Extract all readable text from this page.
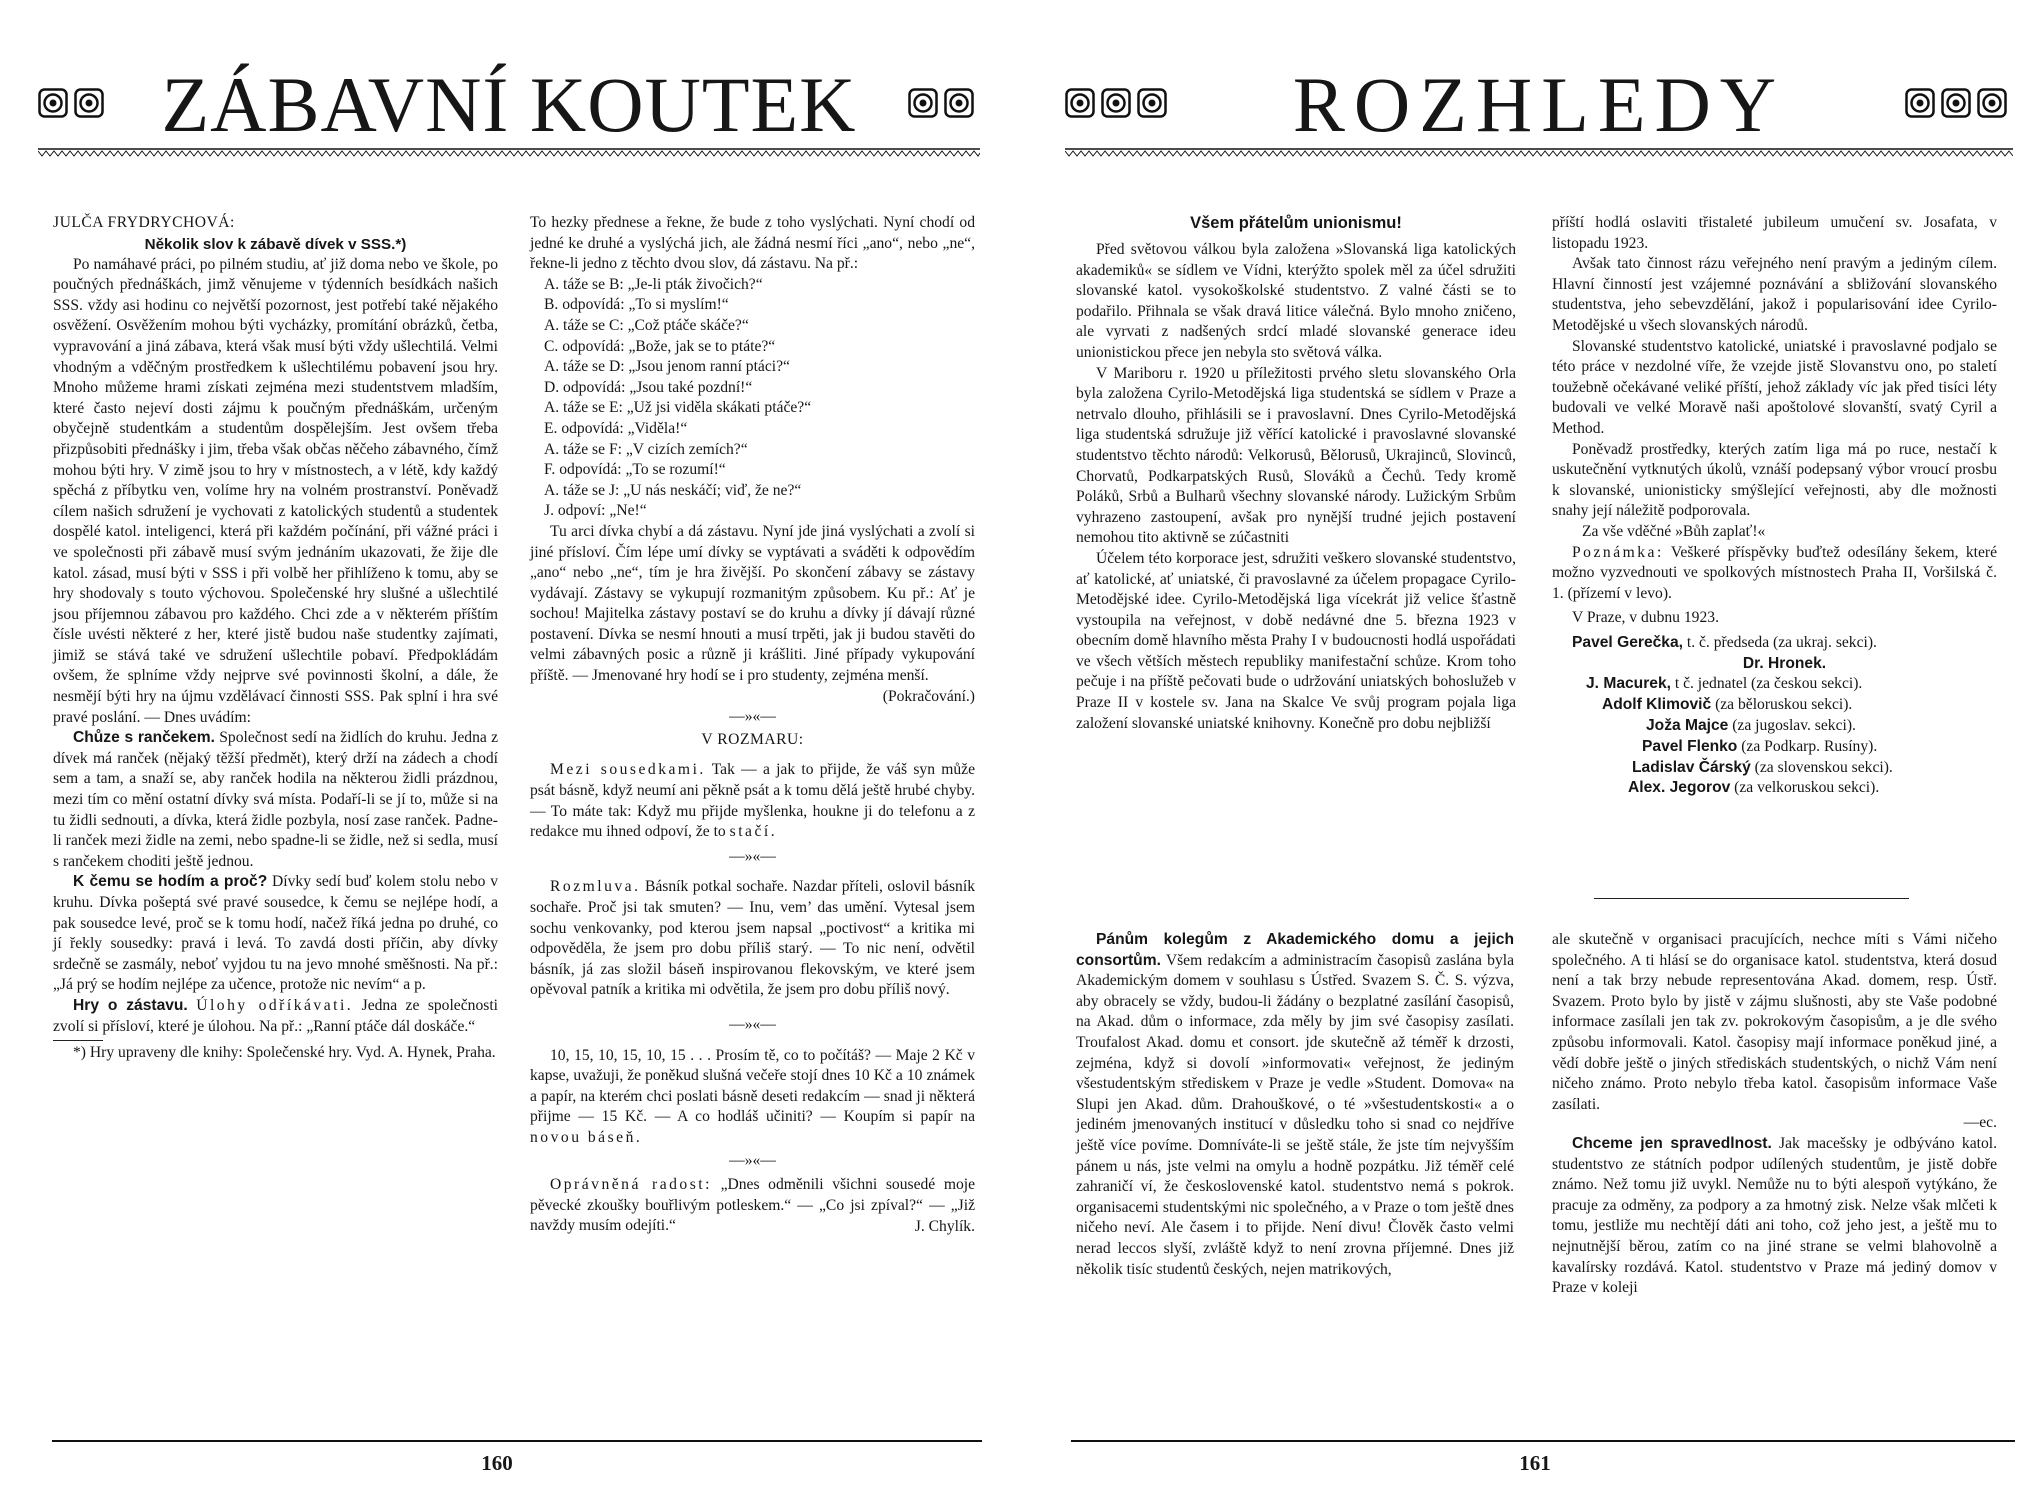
ZÁBAVNÍ KOUTEK

JULČA FRYDRYCHOVÁ:

Několik slov k zábavě dívek v SSS.*)

Po namáhavé práci, po pilném studiu, ať již doma nebo ve škole, po poučných přednáškách, jimž věnujeme v týdenních besídkách našich SSS. vždy asi hodinu co největší pozornost, jest potřebí také nějakého osvěžení. Osvěžením mohou býti vycházky, promítání obrázků, četba, vypravování a jiná zábava, která však musí býti vždy ušlechtilá. Velmi vhodným a vděčným prostředkem k ušlechtilému pobavení jsou hry. Mnoho můžeme hrami získati zejména mezi studentstvem mladším, které často nejeví dosti zájmu k poučným přednáškám, určeným obyčejně studentkám a studentům dospělejším. Jest ovšem třeba přizpůsobiti přednášky i jim, třeba však občas něčeho zábavného, čímž mohou býti hry. V zimě jsou to hry v místnostech, a v létě, kdy každý spěchá z příbytku ven, volíme hry na volném prostranství. Poněvadž cílem našich sdružení je vychovati z katolických studentů a studentek dospělé katol. inteligenci, která při každém počínání, při vážné práci i ve společnosti při zábavě musí svým jednáním ukazovati, že žije dle katol. zásad, musí býti v SSS i při volbě her přihlíženo k tomu, aby se hry shodovaly s touto výchovou. Společenské hry slušné a ušlechtilé jsou příjemnou zábavou pro každého. Chci zde a v některém příštím čísle uvésti některé z her, které jistě budou naše studentky zajímati, jimiž se stává také ve sdružení ušlechtile pobaví. Předpokládám ovšem, že splníme vždy nejprve své povinnosti školní, a dále, že nesmějí býti hry na újmu vzdělávací činnosti SSS. Pak splní i hra své pravé poslání. — Dnes uvádím:

Chůze s rančekem. Společnost sedí na židlích do kruhu. Jedna z dívek má ranček (nějaký těžší předmět), který drží na zádech a chodí sem a tam, a snaží se, aby ranček hodila na některou židli prázdnou, mezi tím co mění ostatní dívky svá místa. Podaří-li se jí to, může si na tu židli sednouti, a dívka, která židle pozbyla, nosí zase ranček. Padne-li ranček mezi židle na zemi, nebo spadne-li se židle, než si sedla, musí s rančekem choditi ještě jednou.

K čemu se hodím a proč? Dívky sedí buď kolem stolu nebo v kruhu. Dívka pošeptá své pravé sousedce, k čemu se nejlépe hodí, a pak sousedce levé, proč se k tomu hodí, načež říká jedna po druhé, co jí řekly sousedky: pravá i levá. To zavdá dosti příčin, aby dívky srdečně se zasmály, neboť vyjdou tu na jevo mnohé směšnosti. Na př.: „Já prý se hodím nejlépe za učence, protože nic nevím“ a p.

Hry o zástavu. Úlohy odříkávati. Jedna ze společnosti zvolí si přísloví, které je úlohou. Na př.: „Ranní ptáče dál doskáče.“

*) Hry upraveny dle knihy: Společenské hry. Vyd. A. Hynek, Praha.

To hezky přednese a řekne, že bude z toho vyslýchati. Nyní chodí od jedné ke druhé a vyslýchá jich, ale žádná nesmí říci „ano“, nebo „ne“, řekne-li jedno z těchto dvou slov, dá zástavu. Na př.:

A. táže se B: „Je-li pták živočich?“

B. odpovídá: „To si myslím!“

A. táže se C: „Což ptáče skáče?“

C. odpovídá: „Bože, jak se to ptáte?“

A. táže se D: „Jsou jenom ranní ptáci?“

D. odpovídá: „Jsou také pozdní!“

A. táže se E: „Už jsi viděla skákati ptáče?“

E. odpovídá: „Viděla!“

A. táže se F: „V cizích zemích?“

F. odpovídá: „To se rozumí!“

A. táže se J: „U nás neskáčí; viď, že ne?“

J. odpoví: „Ne!“

Tu arci dívka chybí a dá zástavu. Nyní jde jiná vyslýchati a zvolí si jiné přísloví. Čím lépe umí dívky se vyptávati a sváděti k odpovědím „ano“ nebo „ne“, tím je hra živější. Po skončení zábavy se zástavy vydávají. Zástavy se vykupují rozmanitým způsobem. Ku př.: Ať je sochou! Majitelka zástavy postaví se do kruhu a dívky jí dávají různé postavení. Dívka se nesmí hnouti a musí trpěti, jak ji budou stavěti do velmi zábavných posic a různě ji krášliti. Jiné případy vykupování příště. — Jmenované hry hodí se i pro studenty, zejména menší.

(Pokračování.)

—»«—

V ROZMARU:

Mezi sousedkami. Tak — a jak to přijde, že váš syn může psát básně, když neumí ani pěkně psát a k tomu dělá ještě hrubé chyby. — To máte tak: Když mu přijde myšlenka, houkne ji do telefonu a z redakce mu ihned odpoví, že to stačí.

—»«—

Rozmluva. Básník potkal sochaře. Nazdar příteli, oslovil básník sochaře. Proč jsi tak smuten? — Inu, vem’ das umění. Vytesal jsem sochu venkovanky, pod kterou jsem napsal „poctivost“ a kritika mi odpověděla, že jsem pro dobu příliš starý. — To nic není, odvětil básník, já zas složil báseň inspirovanou flekovským, ve které jsem opěvoval patník a kritika mi odvětila, že jsem pro dobu příliš nový.

—»«—

10, 15, 10, 15, 10, 15 . . . Prosím tě, co to počítáš? — Maje 2 Kč v kapse, uvažuji, že poněkud slušná večeře stojí dnes 10 Kč a 10 známek a papír, na kterém chci poslati básně deseti redakcím — snad ji některá přijme — 15 Kč. — A co hodláš učiniti? — Koupím si papír na novou báseň.

—»«—

Oprávněná radost: „Dnes odměnili všichni sousedé moje pěvecké zkoušky bouřlivým potleskem.“ — „Co jsi zpíval?“ — „Již navždy musím odejíti.“	J. Chylík.

160
ROZHLEDY
Všem přátelům unionismu!

Před světovou válkou byla založena »Slovanská liga katolických akademiků« se sídlem ve Vídni, kterýžto spolek měl za účel sdružiti slovanské katol. vysokoškolské studentstvo. Z valné části se to podařilo. Přihnala se však dravá litice válečná. Bylo mnoho zničeno, ale vyrvati z nadšených srdcí mladé slovanské generace ideu unionistickou přece jen nebyla sto světová válka.

V Mariboru r. 1920 u příležitosti prvého sletu slovanského Orla byla založena Cyrilo-Metodějská liga studentská se sídlem v Praze a netrvalo dlouho, přihlásili se i pravoslavní. Dnes Cyrilo-Metodějská liga studentská sdružuje již věřící katolické i pravoslavné slovanské studentstvo těchto národů: Velkorusů, Bělorusů, Ukrajinců, Slovinců, Chorvatů, Podkarpatských Rusů, Slováků a Čechů. Tedy kromě Poláků, Srbů a Bulharů všechny slovanské národy. Lužickým Srbům vyhrazeno zastoupení, avšak pro nynější trudné jejich postavení nemohou tito aktivně se zúčastniti

Účelem této korporace jest, sdružiti veškero slovanské studentstvo, ať katolické, ať uniatské, či pravoslavné za účelem propagace Cyrilo-Metodějské idee. Cyrilo-Metodějská liga vícekrát již velice šťastně vystoupila na veřejnost, v době nedávné dne 5. března 1923 v obecním domě hlavního města Prahy I v budoucnosti hodlá uspořádati ve všech větších městech republiky manifestační schůze. Krom toho pečuje i na příště pečovati bude o udržování uniatských bohoslužeb v Praze II v kostele sv. Jana na Skalce Ve svůj program pojala liga založení slovanské uniatské knihovny. Konečně pro dobu nejbližší

příští hodlá oslaviti třistaleté jubileum umučení sv. Josafata, v listopadu 1923.

Avšak tato činnost rázu veřejného není pravým a jediným cílem. Hlavní činností jest vzájemné poznávání a sbližování slovanského studentstva, jeho sebevzdělání, jakož i popularisování idee Cyrilo-Metodějské u všech slovanských národů.

Slovanské studentstvo katolické, uniatské i pravoslavné podjalo se této práce v nezdolné víře, že vzejde jistě Slovanstvu ono, po staletí toužebně očekávané veliké příští, jehož základy víc jak před tisíci léty budovali ve velké Moravě naši apoštolové slovanští, svatý Cyril a Method.

Poněvadž prostředky, kterých zatím liga má po ruce, nestačí k uskutečnění vytknutých úkolů, vznáší podepsaný výbor vroucí prosbu k slovanské, unionisticky smýšlející veřejnosti, aby dle možnosti snahy její náležitě podporovala.

Za vše vděčné »Bůh zaplať!«

Poznámka: Veškeré příspěvky buďtež odesílány šekem, které možno vyzvednouti ve spolkových místnostech Praha II, Voršilská č. 1. (přízemí v levo).

V Praze, v dubnu 1923.

Pavel Gerečka, t. č. předseda (za ukraj. sekci).

Dr. Hronek.

J. Macurek, t č. jednatel (za českou sekci).

Adolf Klimovič (za běloruskou sekci).

Joža Majce (za jugoslav. sekci).

Pavel Flenko (za Podkarp. Rusíny).

Ladislav Čárský (za slovenskou sekci).

Alex. Jegorov (za velkoruskou sekci).

Pánům kolegům z Akademického domu a jejich consortům. Všem redakcím a administracím časopisů zaslána byla Akademickým domem v souhlasu s Ústřed. Svazem S. Č. S. výzva, aby obracely se vždy, budou-li žádány o bezplatné zasílání časopisů, na Akad. dům o informace, zda měly by jim své časopisy zasílati. Troufalost Akad. domu et consort. jde skutečně až téměř k drzosti, zejména, když si dovolí »informovati« veřejnost, že jediným všestudentským střediskem v Praze je vedle »Student. Domova« na Slupi jen Akad. dům. Drahouškové, o té »všestudentskosti« a o jediném jmenovaných institucí v důsledku toho si snad co nejdříve ještě více povíme. Domníváte-li se ještě stále, že jste tím nejvyšším pánem u nás, jste velmi na omylu a hodně pozpátku. Již téměř celé zahraničí ví, že československé katol. studentstvo nemá s pokrok. organisacemi studentskými nic společného, a v Praze o tom ještě dnes ničeho neví. Ale časem i to přijde. Není divu! Člověk často velmi nerad leccos slyší, zvláště když to není zrovna příjemné. Dnes již několik tisíc studentů českých, nejen matrikových,

ale skutečně v organisaci pracujících, nechce míti s Vámi ničeho společného. A ti hlásí se do organisace katol. studentstva, která dosud není a tak brzy nebude representována Akad. domem, resp. Ústř. Svazem. Proto bylo by jistě v zájmu slušnosti, aby ste Vaše podobné informace zasílali jen tak zv. pokrokovým časopisům, a je dle svého způsobu informovali. Katol. časopisy mají informace poněkud jiné, a vědí dobře ještě o jiných střediskách studentských, o nichž Vám není ničeho známo. Proto nebylo třeba katol. časopisům informace Vaše zasílati.

—ec.

Chceme jen spravedlnost. Jak macešsky je odbýváno katol. studentstvo ze státních podpor udílených studentům, je jistě dobře známo. Než tomu již uvykl. Nemůže nu to býti alespoň vytýkáno, že pracuje za odměny, za podpory a za hmotný zisk. Nelze však mlčeti k tomu, jestliže mu nechtějí dáti ani toho, což jeho jest, a ještě mu to nejnutnější běrou, zatím co na jiné strane se velmi blahovolně a kavalírsky rozdává. Katol. studentstvo v Praze má jediný domov v Praze v koleji

161
